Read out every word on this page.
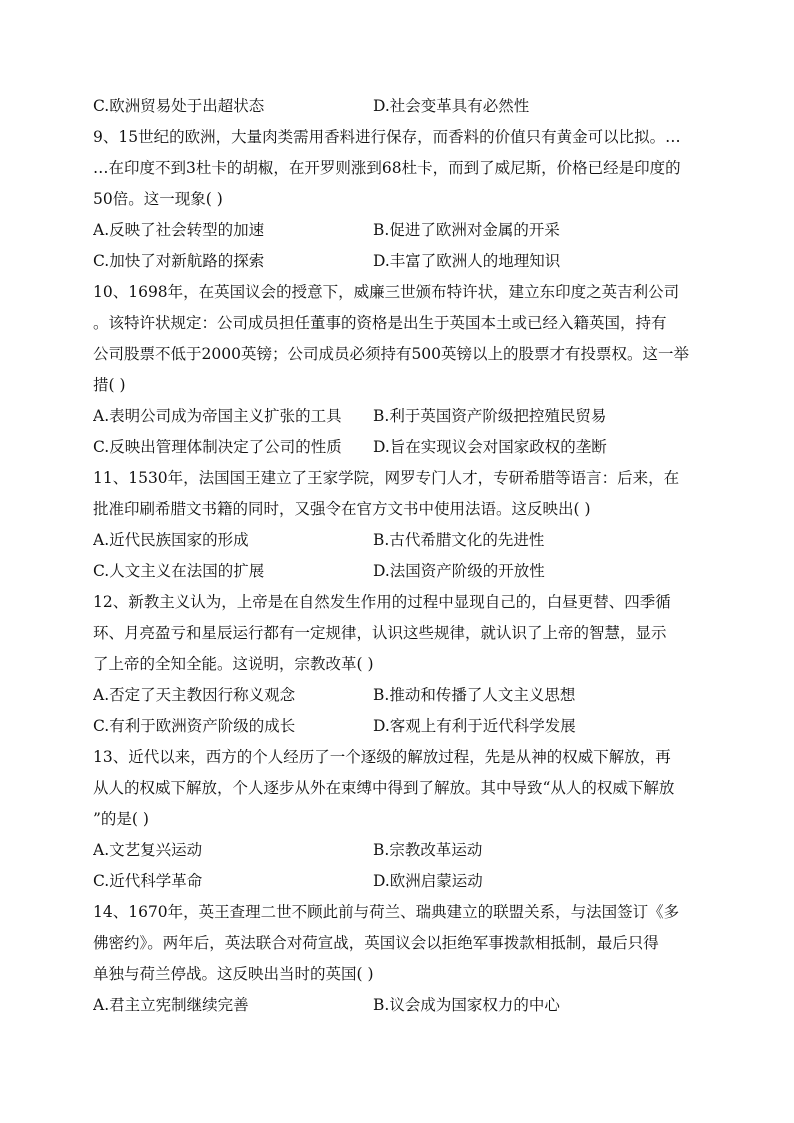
C.欧洲贸易处于出超状态	D.社会变革具有必然性
9、15世纪的欧洲，大量肉类需用香料进行保存，而香料的价值只有黄金可以比拟。…
…在印度不到3杜卡的胡椒，在开罗则涨到68杜卡，而到了威尼斯，价格已经是印度的
50倍。这一现象( )
A.反映了社会转型的加速	B.促进了欧洲对金属的开采
C.加快了对新航路的探索	D.丰富了欧洲人的地理知识
10、1698年，在英国议会的授意下，威廉三世颁布特许状，建立东印度之英吉利公司
。该特许状规定：公司成员担任董事的资格是出生于英国本土或已经入籍英国，持有
公司股票不低于2000英镑；公司成员必须持有500英镑以上的股票才有投票权。这一举
措( )
A.表明公司成为帝国主义扩张的工具	B.利于英国资产阶级把控殖民贸易
C.反映出管理体制决定了公司的性质	D.旨在实现议会对国家政权的垄断
11、1530年，法国国王建立了王家学院，网罗专门人才，专研希腊等语言：后来，在
批准印刷希腊文书籍的同时，又强令在官方文书中使用法语。这反映出( )
A.近代民族国家的形成	B.古代希腊文化的先进性
C.人文主义在法国的扩展	D.法国资产阶级的开放性
12、新教主义认为，上帝是在自然发生作用的过程中显现自己的，白昼更替、四季循
环、月亮盈亏和星辰运行都有一定规律，认识这些规律，就认识了上帝的智慧，显示
了上帝的全知全能。这说明，宗教改革( )
A.否定了天主教因行称义观念	B.推动和传播了人文主义思想
C.有利于欧洲资产阶级的成长	D.客观上有利于近代科学发展
13、近代以来，西方的个人经历了一个逐级的解放过程，先是从神的权威下解放，再
从人的权威下解放，个人逐步从外在束缚中得到了解放。其中导致“从人的权威下解放
”的是( )
A.文艺复兴运动	B.宗教改革运动
C.近代科学革命	D.欧洲启蒙运动
14、1670年，英王查理二世不顾此前与荷兰、瑞典建立的联盟关系，与法国签订《多
佛密约》。两年后，英法联合对荷宣战，英国议会以拒绝军事拨款相抵制，最后只得
单独与荷兰停战。这反映出当时的英国( )
A.君主立宪制继续完善	B.议会成为国家权力的中心
